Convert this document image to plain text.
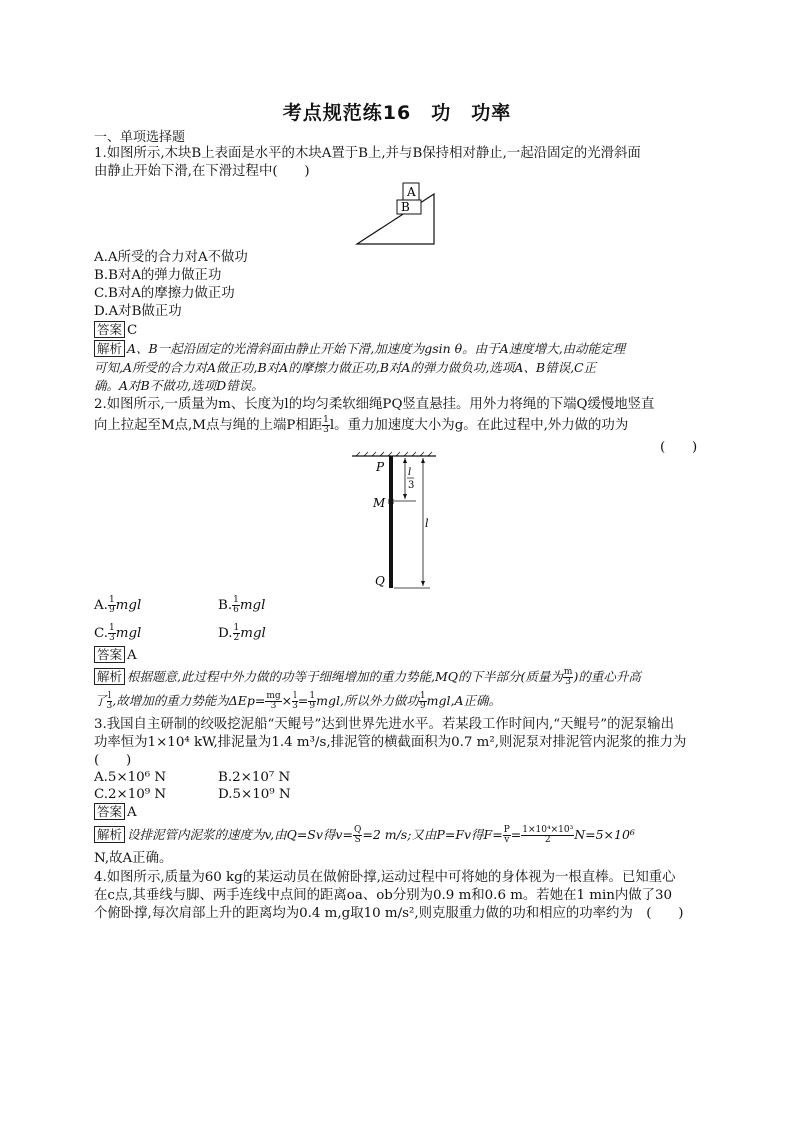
考点规范练16　功　功率
一、单项选择题
1.如图所示,木块B上表面是水平的木块A置于B上,并与B保持相对静止,一起沿固定的光滑斜面
由静止开始下滑,在下滑过程中(　　)
A
B
A.A所受的合力对A不做功
B.B对A的弹力做正功
C.B对A的摩擦力做正功
D.A对B做正功
答案 C
解析 A、B一起沿固定的光滑斜面由静止开始下滑,加速度为gsin θ。由于A速度增大,由动能定理
可知,A所受的合力对A做正功,B对A的摩擦力做正功,B对A的弹力做负功,选项A、B错误,C正
确。A对B不做功,选项D错误。
2.如图所示,一质量为m、长度为l的均匀柔软细绳PQ竖直悬挂。用外力将绳的下端Q缓慢地竖直
向上拉起至M点,M点与绳的上端P相距 $\frac{1}{3}$ l。重力加速度大小为g。在此过程中,外力做的功为
(　　)
P
M
Q
l
3
l
A. $\frac{1}{9}$ mgl	B. $\frac{1}{6}$ mgl
C. $\frac{1}{3}$ mgl	D. $\frac{1}{2}$ mgl
答案 A
解析 根据题意,此过程中外力做的功等于细绳增加的重力势能,MQ的下半部分(质量为 $\frac{m}{3}$ )的重心升高
了 $\frac{l}{3}$ ,故增加的重力势能为$\Delta Ep= \frac{mg}{3} \times \frac{l}{3} = \frac{1}{9}$ mgl,所以外力做功 $\frac{1}{9} mgl,A$正确。
3.我国自主研制的绞吸挖泥船“天鲲号”达到世界先进水平。若某段工作时间内,“天鲲号”的泥泵输出
功率恒为1×10⁴ kW,排泥量为1.4 m³/s,排泥管的横截面积为0.7 m²,则泥泵对排泥管内泥浆的推力为
(　　)
A.5×10⁶ N	B.2×10⁷ N
C.2×10⁹ N	D.5×10⁹ N
答案 A
解析 设排泥管内泥浆的速度为v,由Q=Sv得$v= \frac{Q}{S} =2$ m/s;又由P=Fv得$F= \frac{P}{v} = \frac{\text{1×10⁴×10³}}{2} N=5\times 10^6$
N,故A正确。
4.如图所示,质量为60 kg的某运动员在做俯卧撑,运动过程中可将她的身体视为一根直棒。已知重心
在c点,其垂线与脚、两手连线中点间的距离oa、ob分别为0.9 m和0.6 m。若她在1 min内做了30
个俯卧撑,每次肩部上升的距离均为0.4 m,g取10 m/s²,则克服重力做的功和相应的功率约为　(　　)
